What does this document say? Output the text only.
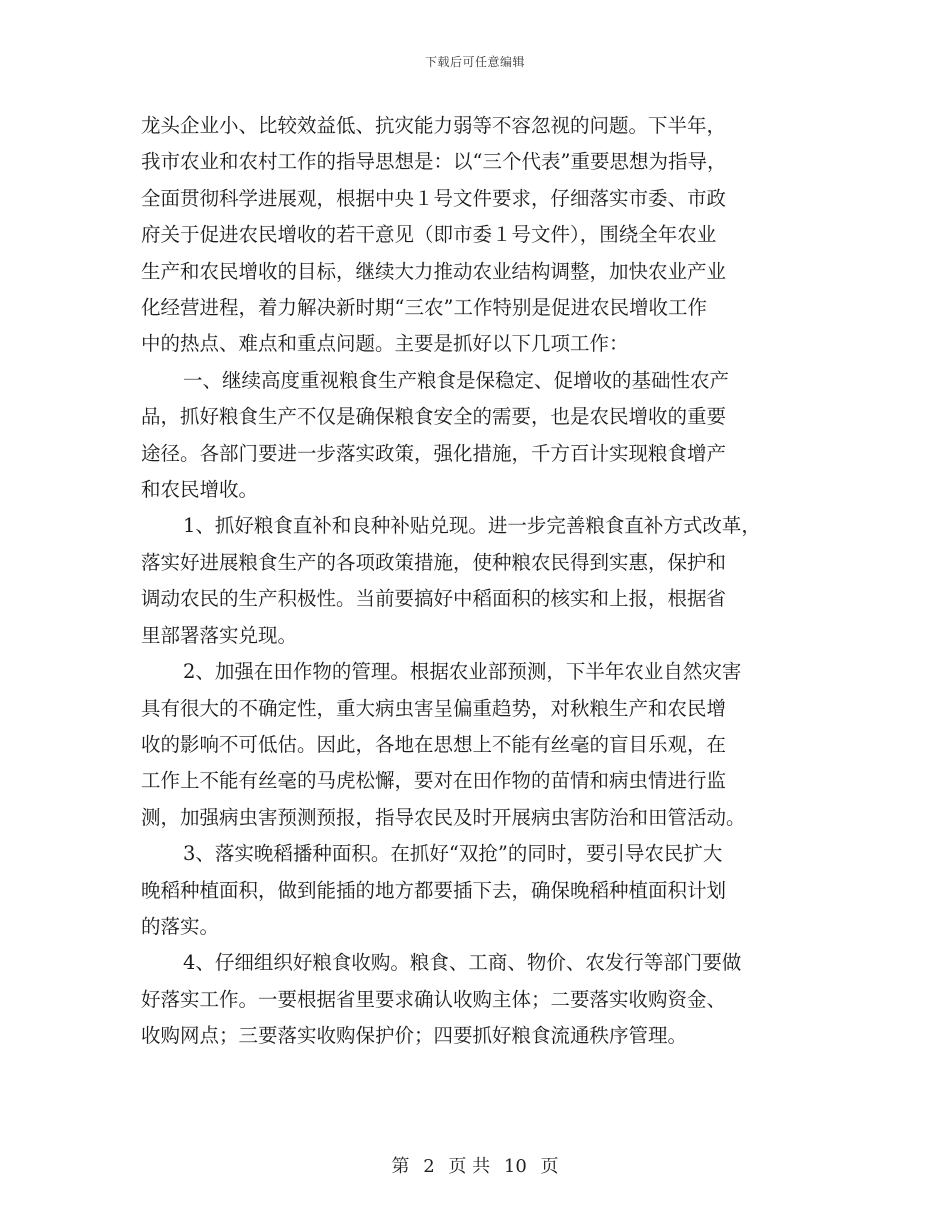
下载后可任意编辑
龙头企业小、比较效益低、抗灾能力弱等不容忽视的问题。下半年，
我市农业和农村工作的指导思想是：以“三个代表”重要思想为指导，
全面贯彻科学进展观，根据中央１号文件要求，仔细落实市委、市政
府关于促进农民增收的若干意见（即市委１号文件），围绕全年农业
生产和农民增收的目标，继续大力推动农业结构调整，加快农业产业
化经营进程，着力解决新时期“三农”工作特别是促进农民增收工作
中的热点、难点和重点问题。主要是抓好以下几项工作：
一、继续高度重视粮食生产粮食是保稳定、促增收的基础性农产
品，抓好粮食生产不仅是确保粮食安全的需要，也是农民增收的重要
途径。各部门要进一步落实政策，强化措施，千方百计实现粮食增产
和农民增收。
1、抓好粮食直补和良种补贴兑现。进一步完善粮食直补方式改革，
落实好进展粮食生产的各项政策措施，使种粮农民得到实惠，保护和
调动农民的生产积极性。当前要搞好中稻面积的核实和上报，根据省
里部署落实兑现。
2、加强在田作物的管理。根据农业部预测，下半年农业自然灾害
具有很大的不确定性，重大病虫害呈偏重趋势，对秋粮生产和农民增
收的影响不可低估。因此，各地在思想上不能有丝毫的盲目乐观，在
工作上不能有丝毫的马虎松懈，要对在田作物的苗情和病虫情进行监
测，加强病虫害预测预报，指导农民及时开展病虫害防治和田管活动。
3、落实晚稻播种面积。在抓好“双抢”的同时，要引导农民扩大
晚稻种植面积，做到能插的地方都要插下去，确保晚稻种植面积计划
的落实。
4、仔细组织好粮食收购。粮食、工商、物价、农发行等部门要做
好落实工作。一要根据省里要求确认收购主体；二要落实收购资金、
收购网点；三要落实收购保护价；四要抓好粮食流通秩序管理。
第 2 页 共 10 页
